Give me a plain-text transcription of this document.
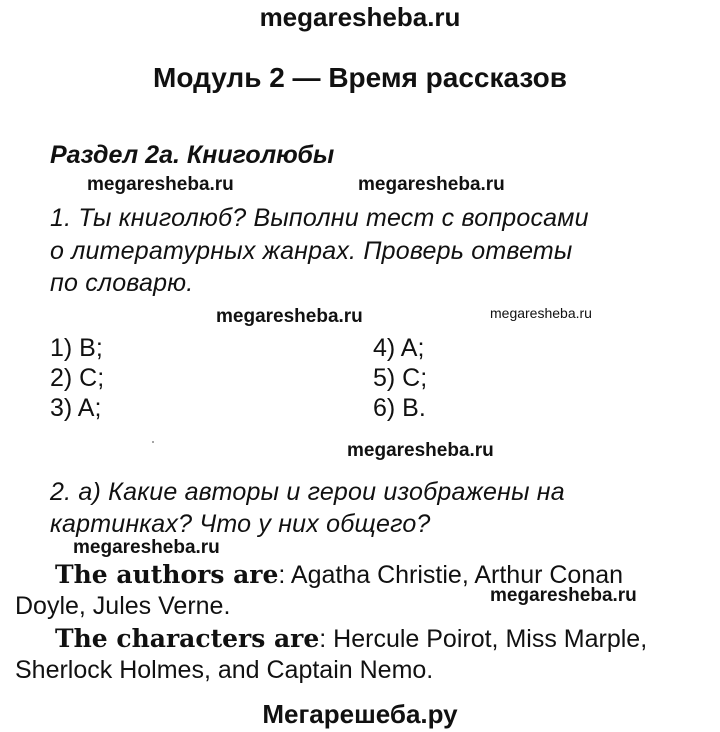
megaresheba.ru
Модуль 2 — Время рассказов
Раздел 2a. Книголюбы
megaresheba.ru	megaresheba.ru
1. Ты книголюб? Выполни тест с вопросами
о литературных жанрах. Проверь ответы
по словарю.
megaresheba.ru	megaresheba.ru
1) B;
2) C;
3) A;
4) A;
5) C;
6) B.
megaresheba.ru
2. a) Какие авторы и герои изображены на
картинках? Что у них общего?
megaresheba.ru
The authors are: Agatha Christie, Arthur Conan
Doyle, Jules Verne.	megaresheba.ru
The characters are: Hercule Poirot, Miss Marple,
Sherlock Holmes, and Captain Nemo.
Мегарешеба.ру
